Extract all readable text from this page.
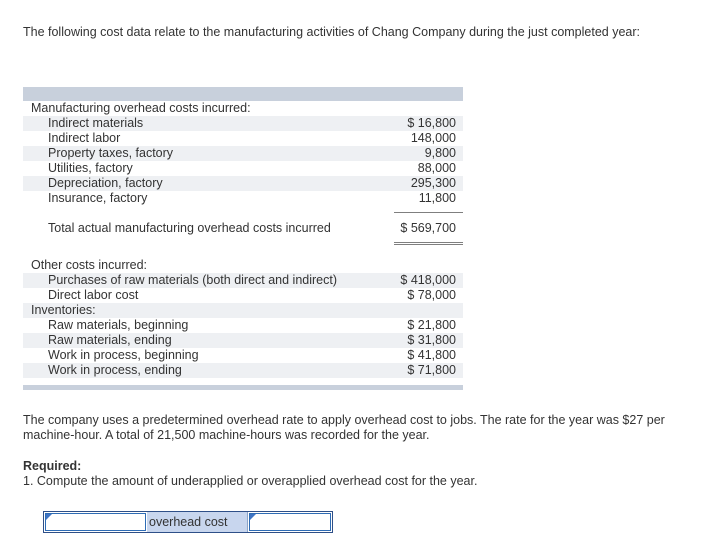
The following cost data relate to the manufacturing activities of Chang Company during the just completed year:
Manufacturing overhead costs incurred:
Indirect materials	$ 16,800
Indirect labor	148,000
Property taxes, factory	9,800
Utilities, factory	88,000
Depreciation, factory	295,300
Insurance, factory	11,800
Total actual manufacturing overhead costs incurred	$ 569,700
Other costs incurred:
Purchases of raw materials (both direct and indirect)	$ 418,000
Direct labor cost	$ 78,000
Inventories:
Raw materials, beginning	$ 21,800
Raw materials, ending	$ 31,800
Work in process, beginning	$ 41,800
Work in process, ending	$ 71,800
The company uses a predetermined overhead rate to apply overhead cost to jobs. The rate for the year was $27 per machine-hour. A total of 21,500 machine-hours was recorded for the year.
Required:
1. Compute the amount of underapplied or overapplied overhead cost for the year.
overhead cost
